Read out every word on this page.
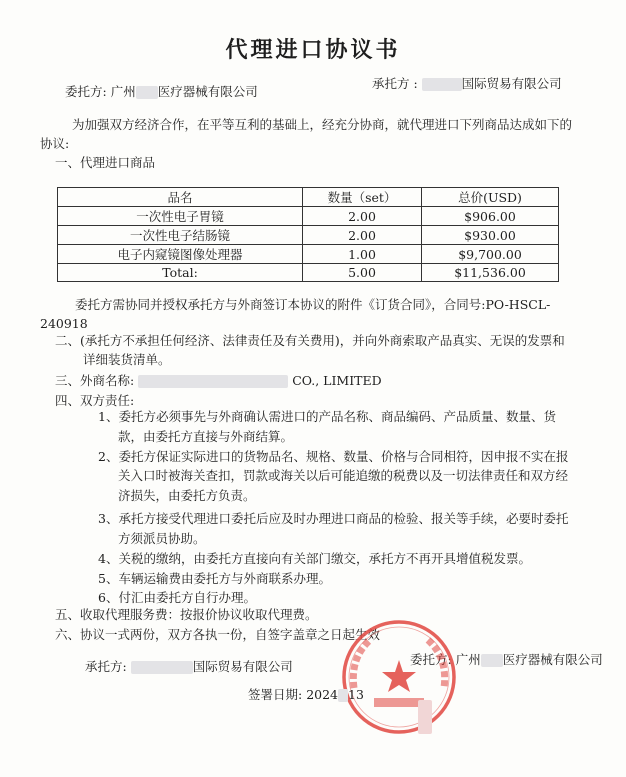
代理进口协议书
委托方: 广州 医疗器械有限公司
承托方 :	国际贸易有限公司
为加强双方经济合作，在平等互利的基础上，经充分协商，就代理进口下列商品达成如下的
协议:
一、代理进口商品
品名	数量（set）	总价(USD)
一次性电子胃镜	2.00	$906.00
一次性电子结肠镜	2.00	$930.00
电子内窥镜图像处理器	1.00	$9,700.00
Total:	5.00	$11,536.00
委托方需协同并授权承托方与外商签订本协议的附件《订货合同》，合同号:PO-HSCL-
240918
二、(承托方不承担任何经济、法律责任及有关费用)，并向外商索取产品真实、无误的发票和
详细装货清单。
三、外商名称:	CO., LIMITED
四、双方责任:
1、委托方必须事先与外商确认需进口的产品名称、商品编码、产品质量、数量、货
款，由委托方直接与外商结算。
2、委托方保证实际进口的货物品名、规格、数量、价格与合同相符，因申报不实在报
关入口时被海关查扣，罚款或海关以后可能追缴的税费以及一切法律责任和双方经
济损失，由委托方负责。
3、承托方接受代理进口委托后应及时办理进口商品的检验、报关等手续，必要时委托
方须派员协助。
4、关税的缴纳，由委托方直接向有关部门缴交，承托方不再开具增值税发票。
5、车辆运输费由委托方与外商联系办理。
6、付汇由委托方自行办理。
五、收取代理服务费：按报价协议收取代理费。
六、协议一式两份，双方各执一份，自签字盖章之日起生效
承托方:	国际贸易有限公司	委托方: 广州 医疗器械有限公司
签署日期: 2024 13
